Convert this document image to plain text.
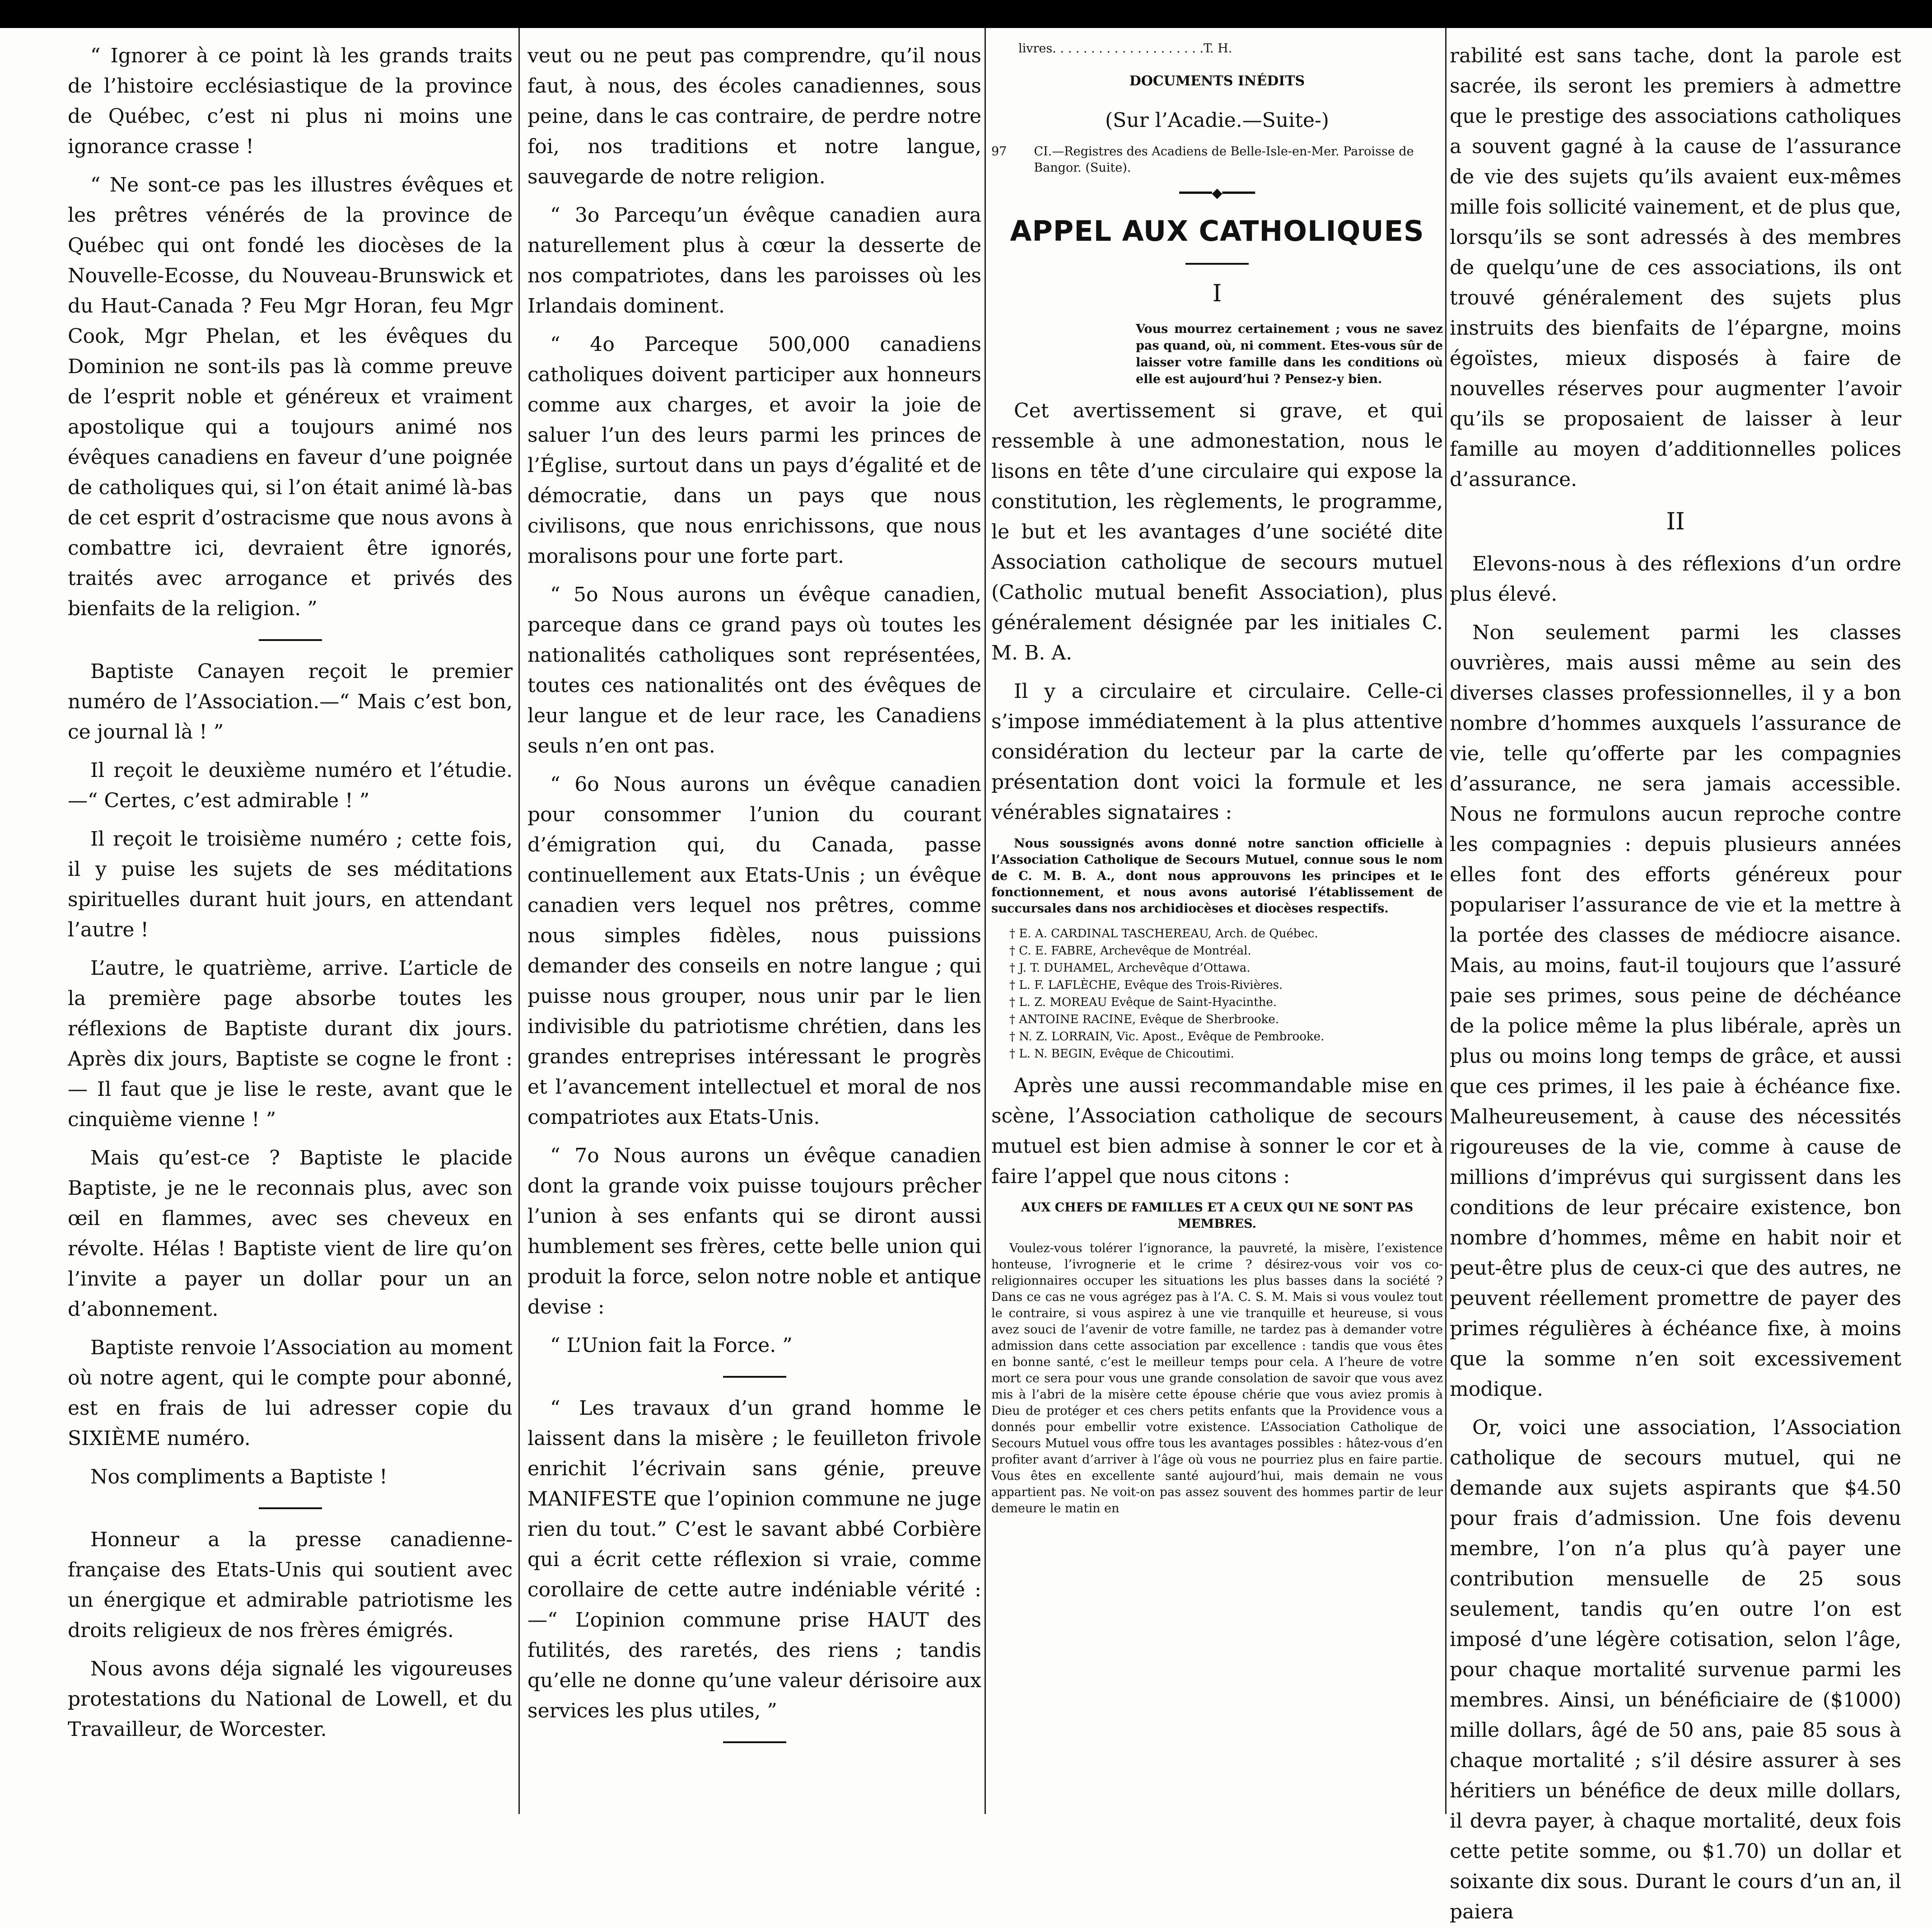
“ Ignorer à ce point là les grands traits de l’histoire ecclésiastique de la province de Québec, c’est ni plus ni moins une ignorance crasse !

“ Ne sont-ce pas les illustres évêques et les prêtres vénérés de la province de Québec qui ont fondé les diocèses de la Nouvelle-Ecosse, du Nouveau-Brunswick et du Haut-Canada ? Feu Mgr Horan, feu Mgr Cook, Mgr Phelan, et les évêques du Dominion ne sont-ils pas là comme preuve de l’esprit noble et généreux et vraiment apostolique qui a toujours animé nos évêques canadiens en faveur d’une poignée de catholiques qui, si l’on était animé là-bas de cet esprit d’ostracisme que nous avons à combattre ici, devraient être ignorés, traités avec arrogance et privés des bienfaits de la religion. ”

Baptiste Canayen reçoit le premier numéro de l’Association.—“ Mais c’est bon, ce journal là ! ”

Il reçoit le deuxième numéro et l’étudie.—“ Certes, c’est admirable ! ”

Il reçoit le troisième numéro ; cette fois, il y puise les sujets de ses méditations spirituelles durant huit jours, en attendant l’autre !

L’autre, le quatrième, arrive. L’article de la première page absorbe toutes les réflexions de Baptiste durant dix jours. Après dix jours, Baptiste se cogne le front : — Il faut que je lise le reste, avant que le cinquième vienne ! ”

Mais qu’est-ce ? Baptiste le placide Baptiste, je ne le reconnais plus, avec son œil en flammes, avec ses cheveux en révolte. Hélas ! Baptiste vient de lire qu’on l’invite a payer un dollar pour un an d’abonnement.

Baptiste renvoie l’Association au moment où notre agent, qui le compte pour abonné, est en frais de lui adresser copie du SIXIÈME numéro.

Nos compliments a Baptiste !

Honneur a la presse canadienne-française des Etats-Unis qui soutient avec un énergique et admirable patriotisme les droits religieux de nos frères émigrés.

Nous avons déja signalé les vigoureuses protestations du National de Lowell, et du Travailleur, de Worcester.

veut ou ne peut pas comprendre, qu’il nous faut, à nous, des écoles canadiennes, sous peine, dans le cas contraire, de perdre notre foi, nos traditions et notre langue, sauvegarde de notre religion.

“ 3o Parcequ’un évêque canadien aura naturellement plus à cœur la desserte de nos compatriotes, dans les paroisses où les Irlandais dominent.

“ 4o Parceque 500,000 canadiens catholiques doivent participer aux honneurs comme aux charges, et avoir la joie de saluer l’un des leurs parmi les princes de l’Église, surtout dans un pays d’égalité et de démocratie, dans un pays que nous civilisons, que nous enrichissons, que nous moralisons pour une forte part.

“ 5o Nous aurons un évêque canadien, parceque dans ce grand pays où toutes les nationalités catholiques sont représentées, toutes ces nationalités ont des évêques de leur langue et de leur race, les Canadiens seuls n’en ont pas.

“ 6o Nous aurons un évêque canadien pour consommer l’union du courant d’émigration qui, du Canada, passe continuellement aux Etats-Unis ; un évêque canadien vers lequel nos prêtres, comme nous simples fidèles, nous puissions demander des conseils en notre langue ; qui puisse nous grouper, nous unir par le lien indivisible du patriotisme chrétien, dans les grandes entreprises intéressant le progrès et l’avancement intellectuel et moral de nos compatriotes aux Etats-Unis.

“ 7o Nous aurons un évêque canadien dont la grande voix puisse toujours prêcher l’union à ses enfants qui se diront aussi humblement ses frères, cette belle union qui produit la force, selon notre noble et antique devise :

“ L’Union fait la Force. ”

“ Les travaux d’un grand homme le laissent dans la misère ; le feuilleton frivole enrichit l’écrivain sans génie, preuve MANIFESTE que l’opinion commune ne juge rien du tout.” C’est le savant abbé Corbière qui a écrit cette réflexion si vraie, comme corollaire de cette autre indéniable vérité :—“ L’opinion commune prise HAUT des futilités, des raretés, des riens ; tandis qu’elle ne donne qu’une valeur dérisoire aux services les plus utiles, ”

livres. . . . . . . . . . . . . . . . . . . .T. H.

DOCUMENTS INÉDITS

(Sur l’Acadie.—Suite-)

97 CI.—Registres des Acadiens de Belle-Isle-en-Mer. Paroisse de Bangor. (Suite).
━━━━◆━━━━
APPEL AUX CATHOLIQUES
I

Vous mourrez certainement ; vous ne savez pas quand, où, ni comment. Etes-vous sûr de laisser votre famille dans les conditions où elle est aujourd’hui ? Pensez-y bien.

Cet avertissement si grave, et qui ressemble à une admonestation, nous le lisons en tête d’une circulaire qui expose la constitution, les règlements, le programme, le but et les avantages d’une société dite Association catholique de secours mutuel (Catholic mutual benefit Association), plus généralement désignée par les initiales C. M. B. A.

Il y a circulaire et circulaire. Celle-ci s’impose immédiatement à la plus attentive considération du lecteur par la carte de présentation dont voici la formule et les vénérables signataires :

Nous soussignés avons donné notre sanction officielle à l’Association Catholique de Secours Mutuel, connue sous le nom de C. M. B. A., dont nous approuvons les principes et le fonctionnement, et nous avons autorisé l’établissement de succursales dans nos archidiocèses et diocèses respectifs.

† E. A. CARDINAL TASCHEREAU, Arch. de Québec.
† C. E. FABRE, Archevêque de Montréal.
† J. T. DUHAMEL, Archevêque d’Ottawa.
† L. F. LAFLÈCHE, Evêque des Trois-Rivières.
† L. Z. MOREAU Evêque de Saint-Hyacinthe.
† ANTOINE RACINE, Evêque de Sherbrooke.
† N. Z. LORRAIN, Vic. Apost., Evêque de Pembrooke.
† L. N. BEGIN, Evêque de Chicoutimi.

Après une aussi recommandable mise en scène, l’Association catholique de secours mutuel est bien admise à sonner le cor et à faire l’appel que nous citons :

AUX CHEFS DE FAMILLES ET A CEUX QUI NE SONT PAS MEMBRES.

Voulez-vous tolérer l’ignorance, la pauvreté, la misère, l’existence honteuse, l’ivrognerie et le crime ? désirez-vous voir vos co-religionnaires occuper les situations les plus basses dans la société ? Dans ce cas ne vous agrégez pas à l’A. C. S. M. Mais si vous voulez tout le contraire, si vous aspirez à une vie tranquille et heureuse, si vous avez souci de l’avenir de votre famille, ne tardez pas à demander votre admission dans cette association par excellence : tandis que vous êtes en bonne santé, c’est le meilleur temps pour cela. A l’heure de votre mort ce sera pour vous une grande consolation de savoir que vous avez mis à l’abri de la misère cette épouse chérie que vous aviez promis à Dieu de protéger et ces chers petits enfants que la Providence vous a donnés pour embellir votre existence. L’Association Catholique de Secours Mutuel vous offre tous les avantages possibles : hâtez-vous d’en profiter avant d’arriver à l’âge où vous ne pourriez plus en faire partie. Vous êtes en excellente santé aujourd’hui, mais demain ne vous appartient pas. Ne voit-on pas assez souvent des hommes partir de leur demeure le matin en

rabilité est sans tache, dont la parole est sacrée, ils seront les premiers à admettre que le prestige des associations catholiques a souvent gagné à la cause de l’assurance de vie des sujets qu’ils avaient eux-mêmes mille fois sollicité vainement, et de plus que, lorsqu’ils se sont adressés à des membres de quelqu’une de ces associations, ils ont trouvé généralement des sujets plus instruits des bienfaits de l’épargne, moins égoïstes, mieux disposés à faire de nouvelles réserves pour augmenter l’avoir qu’ils se proposaient de laisser à leur famille au moyen d’additionnelles polices d’assurance.

II

Elevons-nous à des réflexions d’un ordre plus élevé.

Non seulement parmi les classes ouvrières, mais aussi même au sein des diverses classes professionnelles, il y a bon nombre d’hommes auxquels l’assurance de vie, telle qu’offerte par les compagnies d’assurance, ne sera jamais accessible. Nous ne formulons aucun reproche contre les compagnies : depuis plusieurs années elles font des efforts généreux pour populariser l’assurance de vie et la mettre à la portée des classes de médiocre aisance. Mais, au moins, faut-il toujours que l’assuré paie ses primes, sous peine de déchéance de la police même la plus libérale, après un plus ou moins long temps de grâce, et aussi que ces primes, il les paie à échéance fixe. Malheureusement, à cause des nécessités rigoureuses de la vie, comme à cause de millions d’imprévus qui surgissent dans les conditions de leur précaire existence, bon nombre d’hommes, même en habit noir et peut-être plus de ceux-ci que des autres, ne peuvent réellement promettre de payer des primes régulières à échéance fixe, à moins que la somme n’en soit excessivement modique.

Or, voici une association, l’Association catholique de secours mutuel, qui ne demande aux sujets aspirants que $4.50 pour frais d’admission. Une fois devenu membre, l’on n’a plus qu’à payer une contribution mensuelle de 25 sous seulement, tandis qu’en outre l’on est imposé d’une légère cotisation, selon l’âge, pour chaque mortalité survenue parmi les membres. Ainsi, un bénéficiaire de ($1000) mille dollars, âgé de 50 ans, paie 85 sous à chaque mortalité ; s’il désire assurer à ses héritiers un bénéfice de deux mille dollars, il devra payer, à chaque mortalité, deux fois cette petite somme, ou $1.70) un dollar et soixante dix sous. Durant le cours d’un an, il paiera
